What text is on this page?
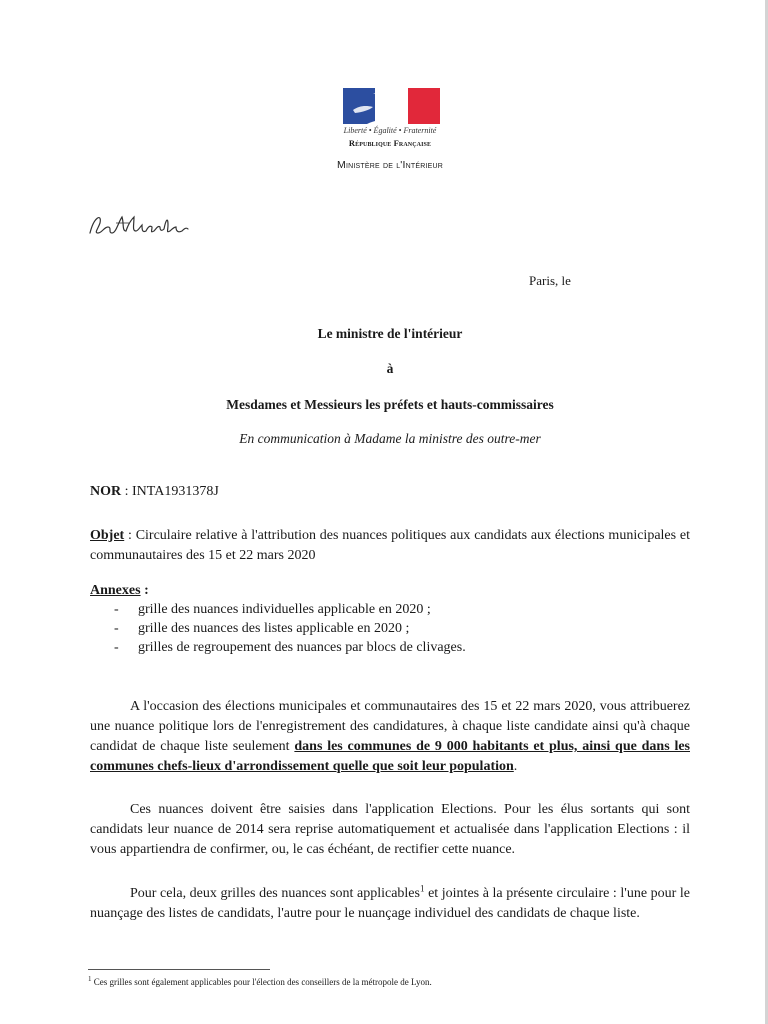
Liberté • Égalité • Fraternité
République Française
Ministère de l'Intérieur
Paris, le
Le ministre de l'intérieur
à
Mesdames et Messieurs les préfets et hauts-commissaires
En communication à Madame la ministre des outre-mer
NOR : INTA1931378J
Objet : Circulaire relative à l'attribution des nuances politiques aux candidats aux élections municipales et communautaires des 15 et 22 mars 2020
Annexes :
- grille des nuances individuelles applicable en 2020 ;
- grille des nuances des listes applicable en 2020 ;
- grilles de regroupement des nuances par blocs de clivages.
A l'occasion des élections municipales et communautaires des 15 et 22 mars 2020, vous attribuerez une nuance politique lors de l'enregistrement des candidatures, à chaque liste candidate ainsi qu'à chaque candidat de chaque liste seulement dans les communes de 9 000 habitants et plus, ainsi que dans les communes chefs-lieux d'arrondissement quelle que soit leur population.
Ces nuances doivent être saisies dans l'application Elections. Pour les élus sortants qui sont candidats leur nuance de 2014 sera reprise automatiquement et actualisée dans l'application Elections : il vous appartiendra de confirmer, ou, le cas échéant, de rectifier cette nuance.
Pour cela, deux grilles des nuances sont applicables$^1$ et jointes à la présente circulaire : l'une pour le nuançage des listes de candidats, l'autre pour le nuançage individuel des candidats de chaque liste.
$^1$ Ces grilles sont également applicables pour l'élection des conseillers de la métropole de Lyon.
